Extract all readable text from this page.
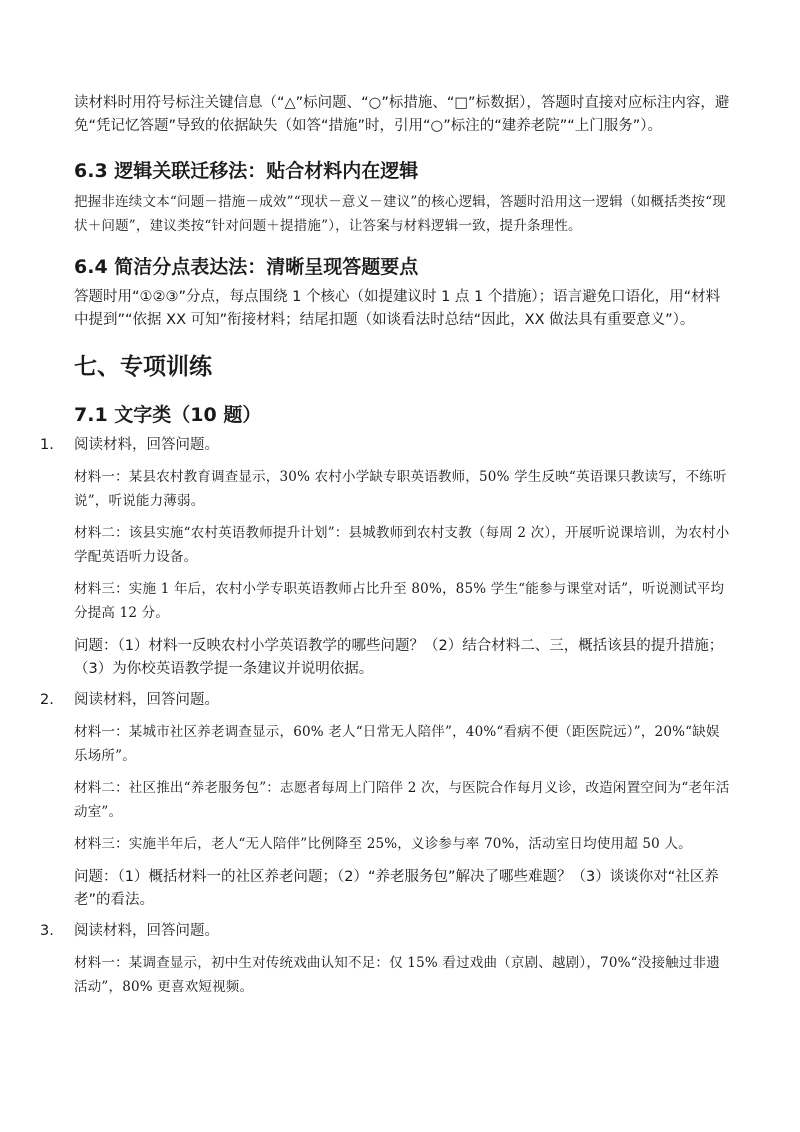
读材料时用符号标注关键信息（“△”标问题、“○”标措施、“□”标数据），答题时直接对应标注内容，避免“凭记忆答题”导致的依据缺失（如答“措施”时，引用“○”标注的“建养老院”“上门服务”）。

6.3 逻辑关联迁移法：贴合材料内在逻辑

把握非连续文本“问题－措施－成效”“现状－意义－建议”的核心逻辑，答题时沿用这一逻辑（如概括类按“现状＋问题”，建议类按“针对问题＋提措施”），让答案与材料逻辑一致，提升条理性。

6.4 简洁分点表达法：清晰呈现答题要点

答题时用“①②③”分点，每点围绕 1 个核心（如提建议时 1 点 1 个措施）；语言避免口语化，用“材料中提到”“依据 XX 可知”衔接材料；结尾扣题（如谈看法时总结“因此，XX 做法具有重要意义”）。

七、专项训练
7.1 文字类（10 题）
1. 阅读材料，回答问题。

材料一：某县农村教育调查显示，30% 农村小学缺专职英语教师，50% 学生反映“英语课只教读写，不练听说”，听说能力薄弱。

材料二：该县实施“农村英语教师提升计划”：县城教师到农村支教（每周 2 次），开展听说课培训，为农村小学配英语听力设备。

材料三：实施 1 年后，农村小学专职英语教师占比升至 80%，85% 学生“能参与课堂对话”，听说测试平均分提高 12 分。

问题：（1）材料一反映农村小学英语教学的哪些问题？（2）结合材料二、三，概括该县的提升措施；（3）为你校英语教学提一条建议并说明依据。

2. 阅读材料，回答问题。

材料一：某城市社区养老调查显示，60% 老人“日常无人陪伴”，40%“看病不便（距医院远）”，20%“缺娱乐场所”。

材料二：社区推出“养老服务包”：志愿者每周上门陪伴 2 次，与医院合作每月义诊，改造闲置空间为“老年活动室”。

材料三：实施半年后，老人“无人陪伴”比例降至 25%，义诊参与率 70%，活动室日均使用超 50 人。

问题：（1）概括材料一的社区养老问题；（2）“养老服务包”解决了哪些难题？（3）谈谈你对“社区养老”的看法。

3. 阅读材料，回答问题。

材料一：某调查显示，初中生对传统戏曲认知不足：仅 15% 看过戏曲（京剧、越剧），70%“没接触过非遗活动”，80% 更喜欢短视频。
